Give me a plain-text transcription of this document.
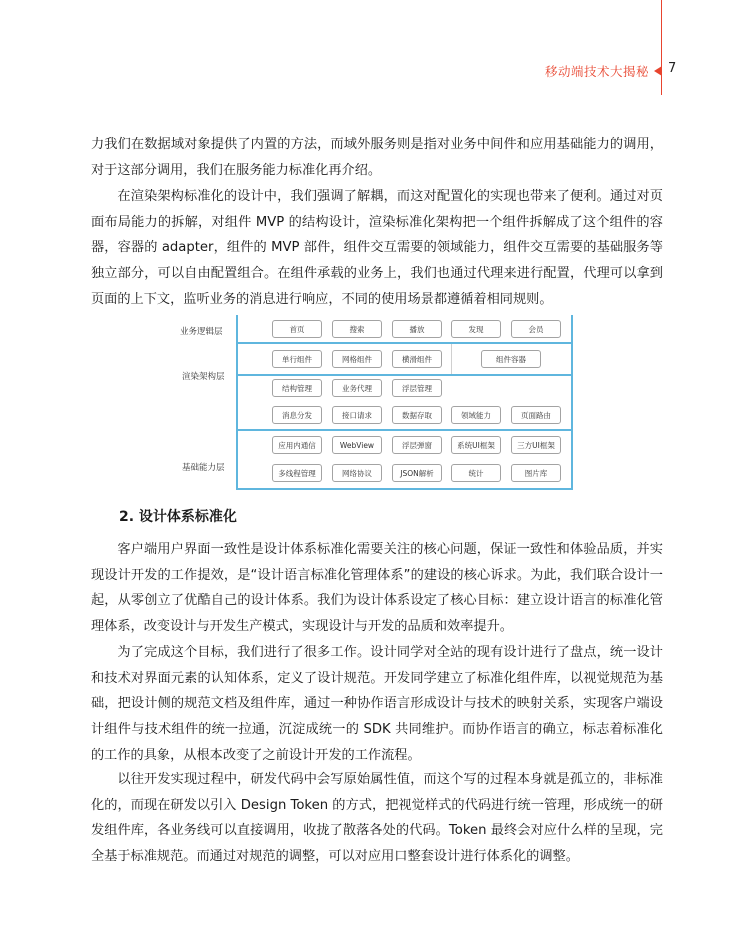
移动端技术大揭秘 7

力我们在数据域对象提供了内置的方法，而域外服务则是指对业务中间件和应用基础能力的调用，对于这部分调用，我们在服务能力标准化再介绍。

在渲染架构标准化的设计中，我们强调了解耦，而这对配置化的实现也带来了便利。通过对页面布局能力的拆解，对组件 MVP 的结构设计，渲染标准化架构把一个组件拆解成了这个组件的容器，容器的 adapter，组件的 MVP 部件，组件交互需要的领域能力，组件交互需要的基础服务等独立部分，可以自由配置组合。在组件承载的业务上，我们也通过代理来进行配置，代理可以拿到页面的上下文，监听业务的消息进行响应，不同的使用场景都遵循着相同规则。

业务逻辑层
渲染架构层
基础能力层
首页	搜索	播放	发现	会员
单行组件	网格组件	横滑组件	组件容器
结构管理	业务代理	浮层管理
消息分发	接口请求	数据存取	领域能力	页面路由
应用内通信	WebView	浮层弹窗	系统UI框架	三方UI框架
多线程管理	网络协议	JSON解析	统计	图片库
2. 设计体系标准化

客户端用户界面一致性是设计体系标准化需要关注的核心问题，保证一致性和体验品质，并实现设计开发的工作提效，是“设计语言标准化管理体系”的建设的核心诉求。为此，我们联合设计一起，从零创立了优酷自己的设计体系。我们为设计体系设定了核心目标：建立设计语言的标准化管理体系，改变设计与开发生产模式，实现设计与开发的品质和效率提升。

为了完成这个目标，我们进行了很多工作。设计同学对全站的现有设计进行了盘点，统一设计和技术对界面元素的认知体系，定义了设计规范。开发同学建立了标准化组件库，以视觉规范为基础，把设计侧的规范文档及组件库，通过一种协作语言形成设计与技术的映射关系，实现客户端设计组件与技术组件的统一拉通，沉淀成统一的 SDK 共同维护。而协作语言的确立，标志着标准化的工作的具象，从根本改变了之前设计开发的工作流程。

以往开发实现过程中，研发代码中会写原始属性值，而这个写的过程本身就是孤立的，非标准化的，而现在研发以引入 Design Token 的方式，把视觉样式的代码进行统一管理，形成统一的研发组件库，各业务线可以直接调用，收拢了散落各处的代码。Token 最终会对应什么样的呈现，完全基于标准规范。而通过对规范的调整，可以对应用口整套设计进行体系化的调整。
